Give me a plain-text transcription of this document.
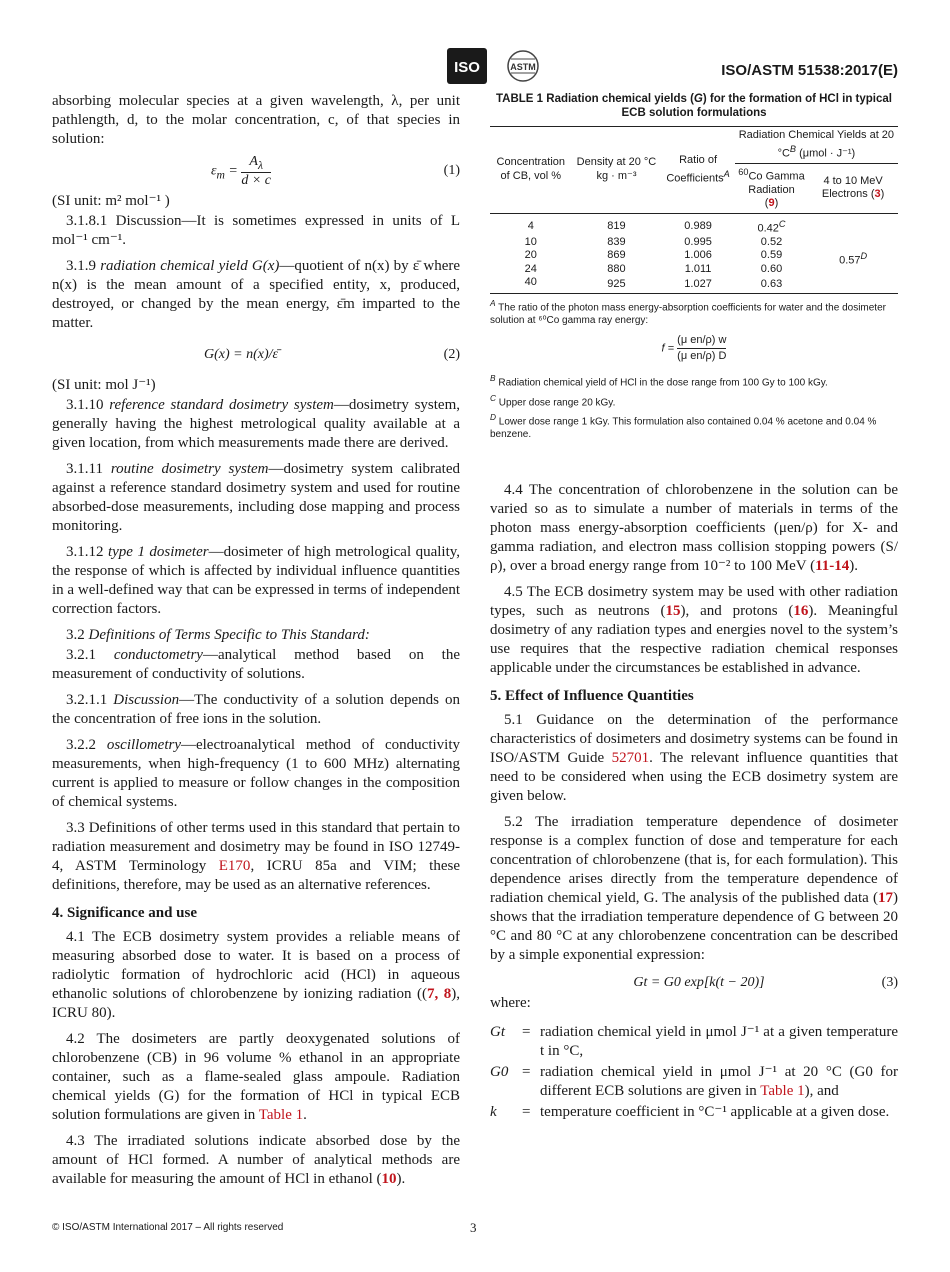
ISO	ASTM	ISO/ASTM 51538:2017(E)

absorbing molecular species at a given wavelength, λ, per unit pathlength, d, to the molar concentration, c, of that species in solution:

$\varepsilon_m = \frac{A_\lambda}{d \times c}$	(1)

(SI unit: m² mol⁻¹ )

3.1.8.1 Discussion—It is sometimes expressed in units of L mol⁻¹ cm⁻¹.

3.1.9 radiation chemical yield G(x)—quotient of n(x) by ε̄ where n(x) is the mean amount of a specified entity, x, produced, destroyed, or changed by the mean energy, ε̄m imparted to the matter.

G(x) = n(x)/ε̄	(2)

(SI unit: mol J⁻¹)

3.1.10 reference standard dosimetry system—dosimetry system, generally having the highest metrological quality available at a given location, from which measurements made there are derived.

3.1.11 routine dosimetry system—dosimetry system calibrated against a reference standard dosimetry system and used for routine absorbed-dose measurements, including dose mapping and process monitoring.

3.1.12 type 1 dosimeter—dosimeter of high metrological quality, the response of which is affected by individual influence quantities in a well-defined way that can be expressed in terms of independent correction factors.

3.2 Definitions of Terms Specific to This Standard:

3.2.1 conductometry—analytical method based on the measurement of conductivity of solutions.

3.2.1.1 Discussion—The conductivity of a solution depends on the concentration of free ions in the solution.

3.2.2 oscillometry—electroanalytical method of conductivity measurements, when high-frequency (1 to 600 MHz) alternating current is applied to measure or follow changes in the composition of chemical systems.

3.3 Definitions of other terms used in this standard that pertain to radiation measurement and dosimetry may be found in ISO 12749-4, ASTM Terminology E170, ICRU 85a and VIM; these definitions, therefore, may be used as an alternative references.

4. Significance and use

4.1 The ECB dosimetry system provides a reliable means of measuring absorbed dose to water. It is based on a process of radiolytic formation of hydrochloric acid (HCl) in aqueous ethanolic solutions of chlorobenzene by ionizing radiation ((7, 8), ICRU 80).

4.2 The dosimeters are partly deoxygenated solutions of chlorobenzene (CB) in 96 volume % ethanol in an appropriate container, such as a flame-sealed glass ampoule. Radiation chemical yields (G) for the formation of HCl in typical ECB solution formulations are given in Table 1.

4.3 The irradiated solutions indicate absorbed dose by the amount of HCl formed. A number of analytical methods are available for measuring the amount of HCl in ethanol (10).

TABLE 1 Radiation chemical yields (G) for the formation of HCl in typical ECB solution formulations
Concentration of CB, vol %	Density at 20 °C kg · m⁻³	Ratio of Coefficients$^A$	Radiation Chemical Yields at 20 $^\circ C^B$ (μmol · J⁻¹)	
			$^{60}$Co Gamma Radiation
(9)	4 to 10 MeV Electrons (3)
4	819	0.989	$0.42^C$	$0.57^D$
10	839	0.995	0.52	
20	869	1.006	0.59	
24	880	1.011	0.60	
40	925	1.027	0.63	
$^A$ The ratio of the photon mass energy-absorption coefficients for water and the dosimeter solution at ⁶⁰Co gamma ray energy:
$f = \frac{\text{(μ en/ρ) w}}{\text{(μ en/ρ) D}}$
$^B$ Radiation chemical yield of HCl in the dose range from 100 Gy to 100 kGy.
$^C$ Upper dose range 20 kGy.
$^D$ Lower dose range 1 kGy. This formulation also contained 0.04 % acetone and 0.04 % benzene.

4.4 The concentration of chlorobenzene in the solution can be varied so as to simulate a number of materials in terms of the photon mass energy-absorption coefficients (μen/ρ) for X- and gamma radiation, and electron mass collision stopping powers (S/ρ), over a broad energy range from 10⁻² to 100 MeV (11-14).

4.5 The ECB dosimetry system may be used with other radiation types, such as neutrons (15), and protons (16). Meaningful dosimetry of any radiation types and energies novel to the system’s use requires that the respective radiation chemical responses applicable under the circumstances be established in advance.

5. Effect of Influence Quantities

5.1 Guidance on the determination of the performance characteristics of dosimeters and dosimetry systems can be found in ISO/ASTM Guide 52701. The relevant influence quantities that need to be considered when using the ECB dosimetry system are given below.

5.2 The irradiation temperature dependence of dosimeter response is a complex function of dose and temperature for each concentration of chlorobenzene (that is, for each formulation). This dependence arises directly from the temperature dependence of radiation chemical yield, G. The analysis of the published data (17) shows that the irradiation temperature dependence of G between 20 °C and 80 °C at any chlorobenzene concentration can be described by a simple exponential expression:

Gt = G0 exp[k(t − 20)]	(3)

where:

Gt	= radiation chemical yield in μmol J⁻¹ at a given temperature t in °C,
G0 = radiation chemical yield in μmol J⁻¹ at 20 °C (G0 for different ECB solutions are given in Table 1), and
k	= temperature coefficient in °C⁻¹ applicable at a given dose.
© ISO/ASTM International 2017 – All rights reserved	3
